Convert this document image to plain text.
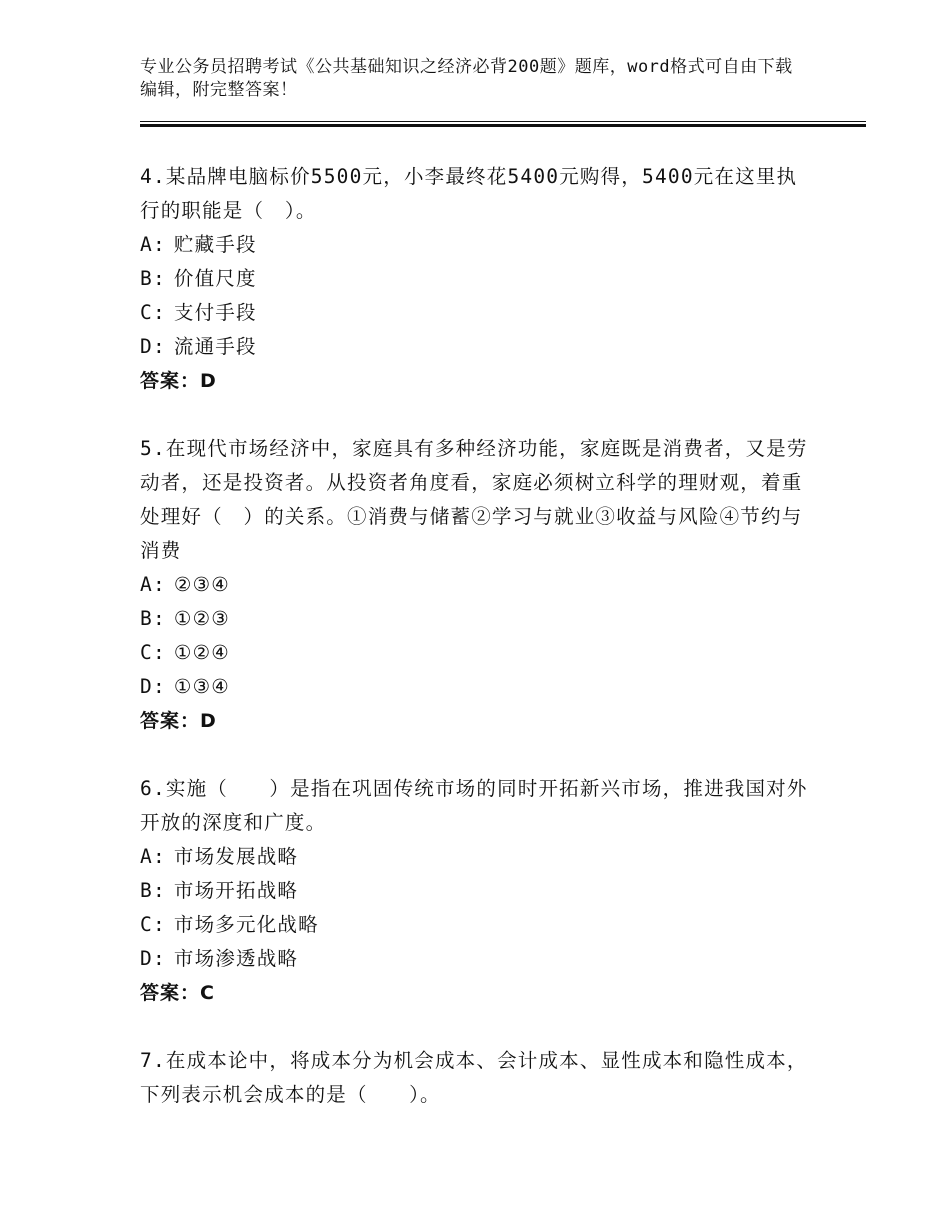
专业公务员招聘考试《公共基础知识之经济必背200题》题库，word格式可自由下载编辑，附完整答案！
4.某品牌电脑标价5500元，小李最终花5400元购得，5400元在这里执行的职能是（　）。
A: 贮藏手段
B: 价值尺度
C: 支付手段
D: 流通手段
答案：D
5.在现代市场经济中，家庭具有多种经济功能，家庭既是消费者，又是劳动者，还是投资者。从投资者角度看，家庭必须树立科学的理财观，着重处理好（　）的关系。①消费与储蓄②学习与就业③收益与风险④节约与消费
A: ②③④
B: ①②③
C: ①②④
D: ①③④
答案：D
6.实施（　　）是指在巩固传统市场的同时开拓新兴市场，推进我国对外开放的深度和广度。
A: 市场发展战略
B: 市场开拓战略
C: 市场多元化战略
D: 市场渗透战略
答案：C
7.在成本论中，将成本分为机会成本、会计成本、显性成本和隐性成本，下列表示机会成本的是（　　）。
